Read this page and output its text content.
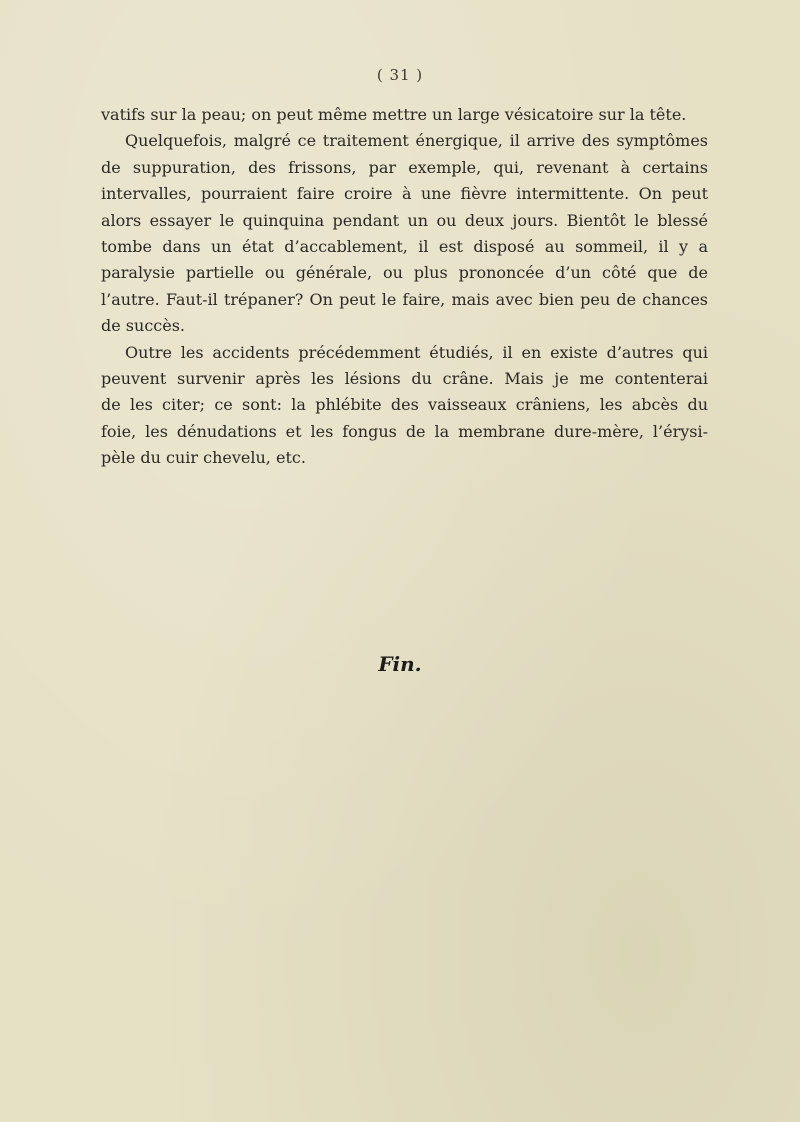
( 31 )
vatifs sur la peau; on peut même mettre un large vésicatoire sur la tête.
Quelquefois, malgré ce traitement énergique, il arrive des symptômes
de suppuration, des frissons, par exemple, qui, revenant à certains
intervalles, pourraient faire croire à une fièvre intermittente. On peut
alors essayer le quinquina pendant un ou deux jours. Bientôt le blessé
tombe dans un état d’accablement, il est disposé au sommeil, il y a
paralysie partielle ou générale, ou plus prononcée d’un côté que de
l’autre. Faut-il trépaner? On peut le faire, mais avec bien peu de chances
de succès.
Outre les accidents précédemment étudiés, il en existe d’autres qui
peuvent survenir après les lésions du crâne. Mais je me contenterai
de les citer; ce sont: la phlébite des vaisseaux crâniens, les abcès du
foie, les dénudations et les fongus de la membrane dure-mère, l’érysi-
pèle du cuir chevelu, etc.
Fin.
